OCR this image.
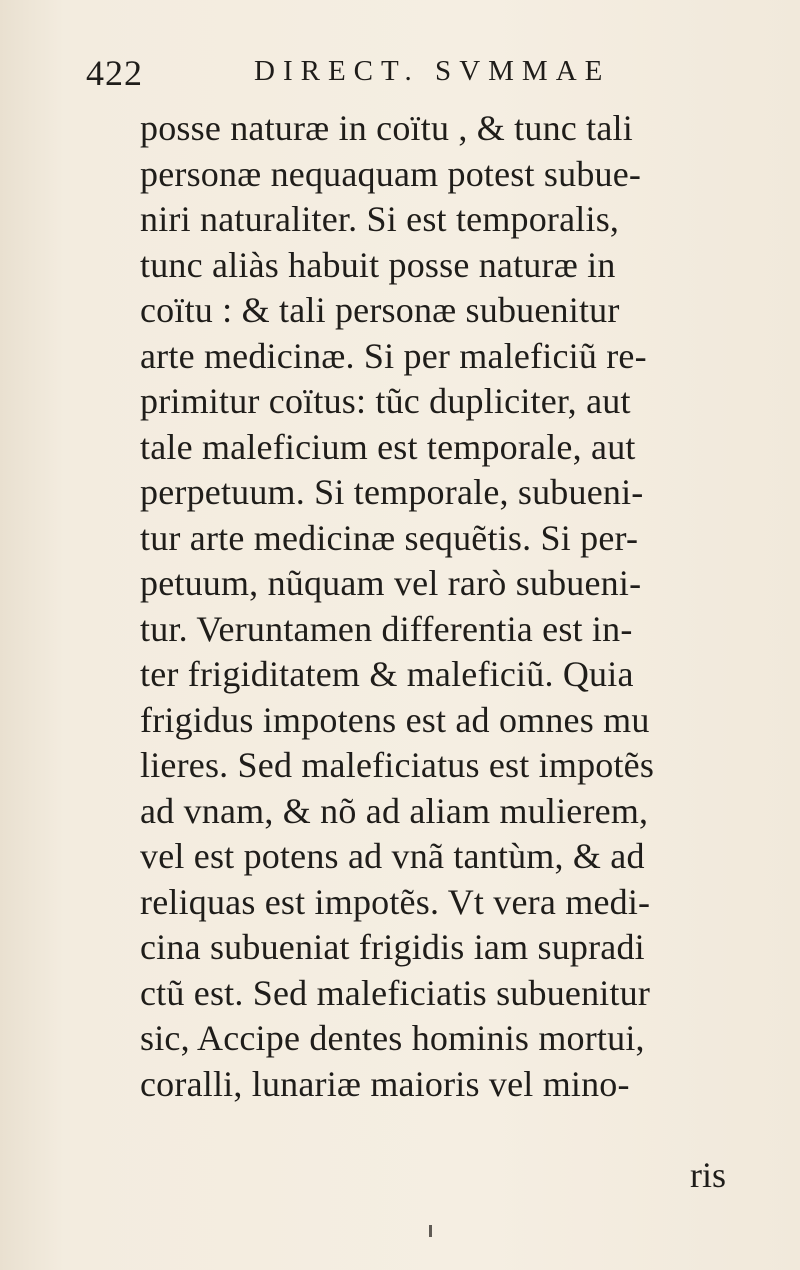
422	DIRECT. SVMMAE
posse naturæ in coïtu , & tunc tali
personæ nequaquam potest subue-
niri naturaliter. Si est temporalis,
tunc aliàs habuit posse naturæ in
coïtu : & tali personæ subuenitur
arte medicinæ. Si per maleficiũ re-
primitur coïtus: tũc dupliciter, aut
tale maleficium est temporale, aut
perpetuum. Si temporale, subueni-
tur arte medicinæ sequẽtis. Si per-
petuum, nũquam vel rarò subueni-
tur. Veruntamen differentia est in-
ter frigiditatem & maleficiũ. Quia
frigidus impotens est ad omnes mu
lieres. Sed maleficiatus est impotẽs
ad vnam, & nõ ad aliam mulierem,
vel est potens ad vnã tantùm, & ad
reliquas est impotẽs. Vt vera medi-
cina subueniat frigidis iam supradi
ctũ est. Sed maleficiatis subuenitur
sic, Accipe dentes hominis mortui,
coralli, lunariæ maioris vel mino-
ris
